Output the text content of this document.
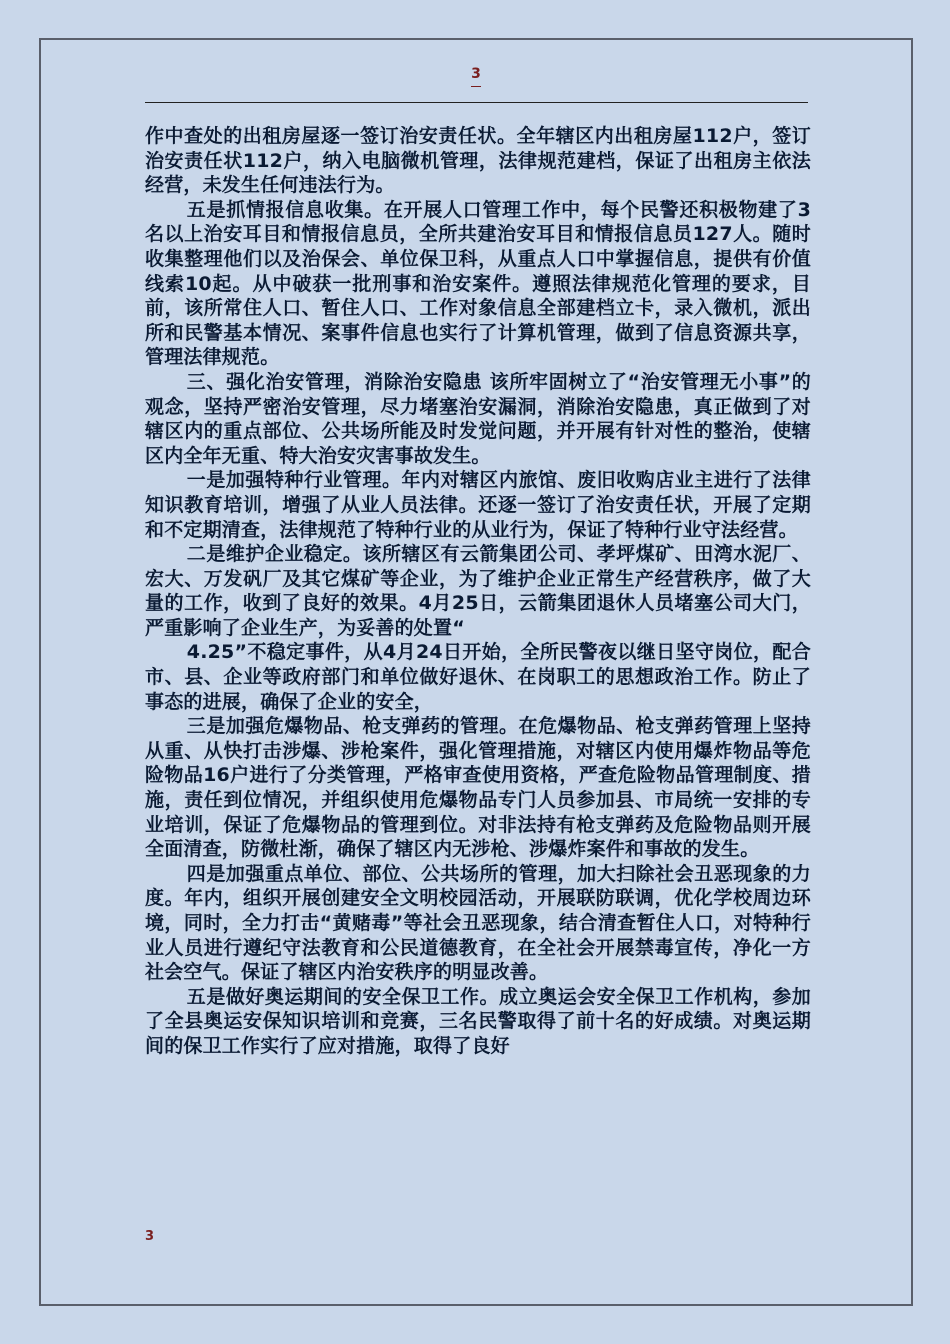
3

作中查处的出租房屋逐一签订治安责任状。全年辖区内出租房屋112户，签订治安责任状112户，纳入电脑微机管理，法律规范建档，保证了出租房主依法经营，未发生任何违法行为。

五是抓情报信息收集。在开展人口管理工作中，每个民警还积极物建了3名以上治安耳目和情报信息员，全所共建治安耳目和情报信息员127人。随时收集整理他们以及治保会、单位保卫科，从重点人口中掌握信息，提供有价值线索10起。从中破获一批刑事和治安案件。遵照法律规范化管理的要求，目前，该所常住人口、暂住人口、工作对象信息全部建档立卡，录入微机，派出所和民警基本情况、案事件信息也实行了计算机管理，做到了信息资源共享，管理法律规范。

三、强化治安管理，消除治安隐患 该所牢固树立了“治安管理无小事”的观念，坚持严密治安管理，尽力堵塞治安漏洞，消除治安隐患，真正做到了对辖区内的重点部位、公共场所能及时发觉问题，并开展有针对性的整治，使辖区内全年无重、特大治安灾害事故发生。

一是加强特种行业管理。年内对辖区内旅馆、废旧收购店业主进行了法律知识教育培训，增强了从业人员法律。还逐一签订了治安责任状，开展了定期和不定期清查，法律规范了特种行业的从业行为，保证了特种行业守法经营。

二是维护企业稳定。该所辖区有云箭集团公司、孝坪煤矿、田湾水泥厂、宏大、万发矾厂及其它煤矿等企业，为了维护企业正常生产经营秩序，做了大量的工作，收到了良好的效果。4月25日，云箭集团退休人员堵塞公司大门，严重影响了企业生产，为妥善的处置“

4.25”不稳定事件，从4月24日开始，全所民警夜以继日坚守岗位，配合市、县、企业等政府部门和单位做好退休、在岗职工的思想政治工作。防止了事态的进展，确保了企业的安全，

三是加强危爆物品、枪支弹药的管理。在危爆物品、枪支弹药管理上坚持从重、从快打击涉爆、涉枪案件，强化管理措施，对辖区内使用爆炸物品等危险物品16户进行了分类管理，严格审查使用资格，严查危险物品管理制度、措施，责任到位情况，并组织使用危爆物品专门人员参加县、市局统一安排的专业培训，保证了危爆物品的管理到位。对非法持有枪支弹药及危险物品则开展全面清查，防微杜渐，确保了辖区内无涉枪、涉爆炸案件和事故的发生。

四是加强重点单位、部位、公共场所的管理，加大扫除社会丑恶现象的力度。年内，组织开展创建安全文明校园活动，开展联防联调，优化学校周边环境，同时，全力打击“黄赌毒”等社会丑恶现象，结合清查暂住人口，对特种行业人员进行遵纪守法教育和公民道德教育，在全社会开展禁毒宣传，净化一方社会空气。保证了辖区内治安秩序的明显改善。

五是做好奥运期间的安全保卫工作。成立奥运会安全保卫工作机构，参加了全县奥运安保知识培训和竞赛，三名民警取得了前十名的好成绩。对奥运期间的保卫工作实行了应对措施，取得了良好

3
